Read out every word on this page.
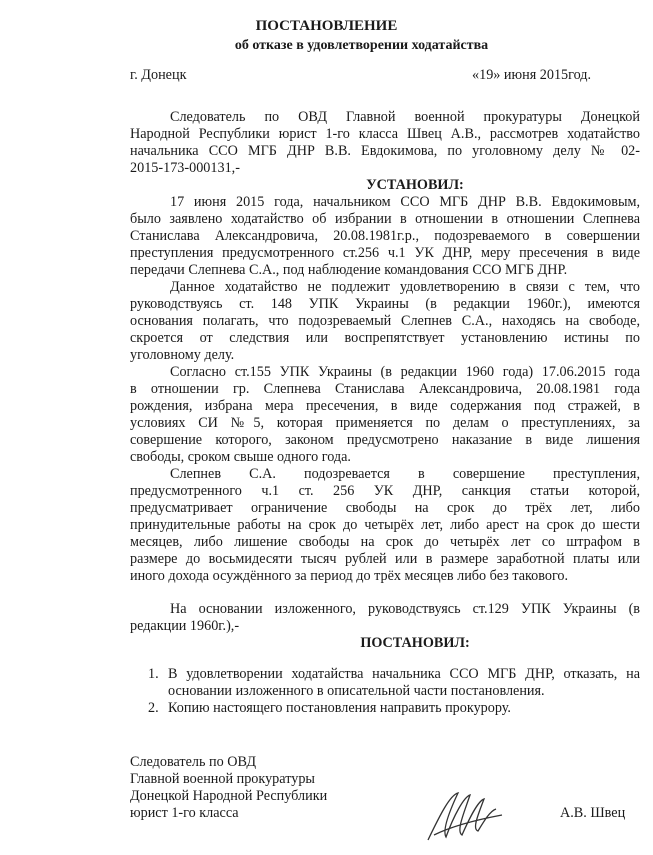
ПОСТАНОВЛЕНИЕ
об отказе в удовлетворении ходатайства
г. Донецк	«19» июня 2015год.
Следователь по ОВД Главной военной прокуратуры Донецкой
Народной Республики юрист 1-го класса Швец А.В., рассмотрев ходатайство
начальника ССО МГБ ДНР В.В. Евдокимова, по уголовному делу № 02-
2015-173-000131,-
УСТАНОВИЛ:
17 июня 2015 года, начальником ССО МГБ ДНР В.В. Евдокимовым,
было заявлено ходатайство об избрании в отношении в отношении Слепнева
Станислава Александровича, 20.08.1981г.р., подозреваемого в совершении
преступления предусмотренного ст.256 ч.1 УК ДНР, меру пресечения в виде
передачи Слепнева С.А., под наблюдение командования ССО МГБ ДНР.
Данное ходатайство не подлежит удовлетворению в связи с тем, что
руководствуясь ст. 148 УПК Украины (в редакции 1960г.), имеются
основания полагать, что подозреваемый Слепнев С.А., находясь на свободе,
скроется от следствия или воспрепятствует установлению истины по
уголовному делу.
Согласно ст.155 УПК Украины (в редакции 1960 года) 17.06.2015 года
в отношении гр. Слепнева Станислава Александровича, 20.08.1981 года
рождения, избрана мера пресечения, в виде содержания под стражей, в
условиях СИ №5, которая применяется по делам о преступлениях, за
совершение которого, законом предусмотрено наказание в виде лишения
свободы, сроком свыше одного года.
Слепнев С.А. подозревается в совершение преступления,
предусмотренного ч.1 ст. 256 УК ДНР, санкция статьи которой,
предусматривает ограничение свободы на срок до трёх лет, либо
принудительные работы на срок до четырёх лет, либо арест на срок до шести
месяцев, либо лишение свободы на срок до четырёх лет со штрафом в
размере до восьмидесяти тысяч рублей или в размере заработной платы или
иного дохода осуждённого за период до трёх месяцев либо без такового.
На основании изложенного, руководствуясь ст.129 УПК Украины (в
редакции 1960г.),-
ПОСТАНОВИЛ:
1. В удовлетворении ходатайства начальника ССО МГБ ДНР, отказать, на
основании изложенного в описательной части постановления.
2. Копию настоящего постановления направить прокурору.
Следователь по ОВД
Главной военной прокуратуры
Донецкой Народной Республики
юрист 1-го класса	А.В. Швец
